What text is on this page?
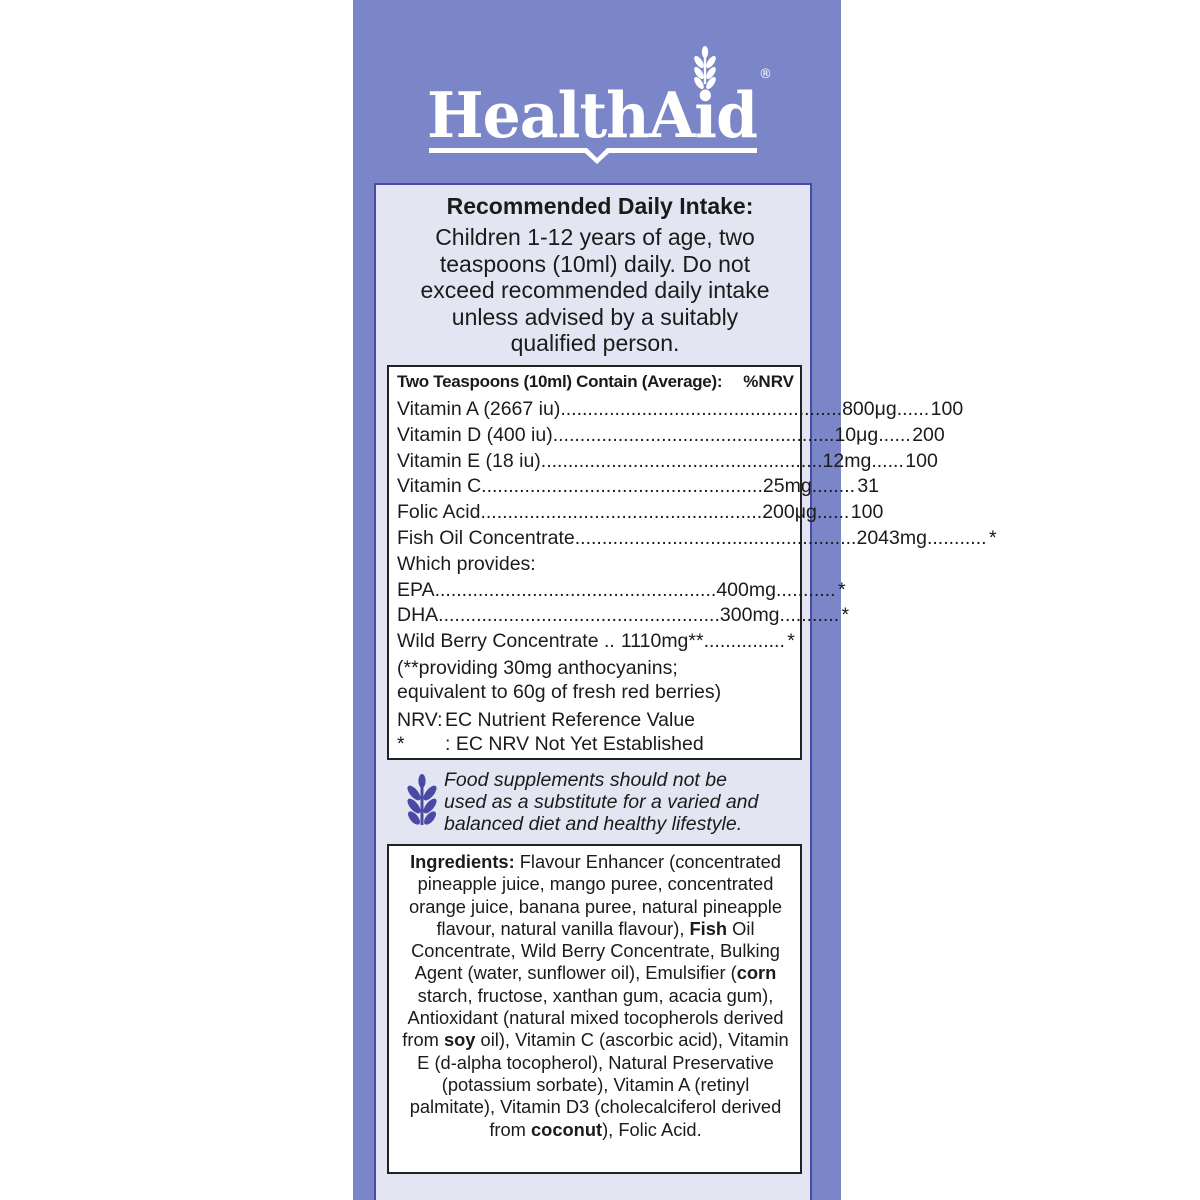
HealthAid
®
Recommended Daily Intake:
Children 1-12 years of age, two
teaspoons (10ml) daily. Do not
exceed recommended daily intake
unless advised by a suitably
qualified person.
Two Teaspoons (10ml) Contain (Average): %NRV
Vitamin A (2667 iu) .................................................... 800μg ...... 100
Vitamin D (400 iu) .................................................... 10μg ...... 200
Vitamin E (18 iu) .................................................... 12mg ...... 100
Vitamin C .................................................... 25mg ........ 31
Folic Acid .................................................... 200μg ...... 100
Fish Oil Concentrate .................................................... 2043mg ........... *
Which provides:
EPA .................................................... 400mg ........... *
DHA .................................................... 300mg ........... *
Wild Berry Concentrate .. 1110mg** ............... *
(**providing 30mg anthocyanins;
equivalent to 60g of fresh red berries)
NRV: EC Nutrient Reference Value
*	: EC NRV Not Yet Established
Food supplements should not be
used as a substitute for a varied and
balanced diet and healthy lifestyle.
Ingredients: Flavour Enhancer (concentrated pineapple juice, mango puree, concentrated orange juice, banana puree, natural pineapple flavour, natural vanilla flavour), Fish Oil Concentrate, Wild Berry Concentrate, Bulking Agent (water, sunflower oil), Emulsifier (corn starch, fructose, xanthan gum, acacia gum), Antioxidant (natural mixed tocopherols derived from soy oil), Vitamin C (ascorbic acid), Vitamin E (d-alpha tocopherol), Natural Preservative (potassium sorbate), Vitamin A (retinyl palmitate), Vitamin D3 (cholecalciferol derived from coconut), Folic Acid.
